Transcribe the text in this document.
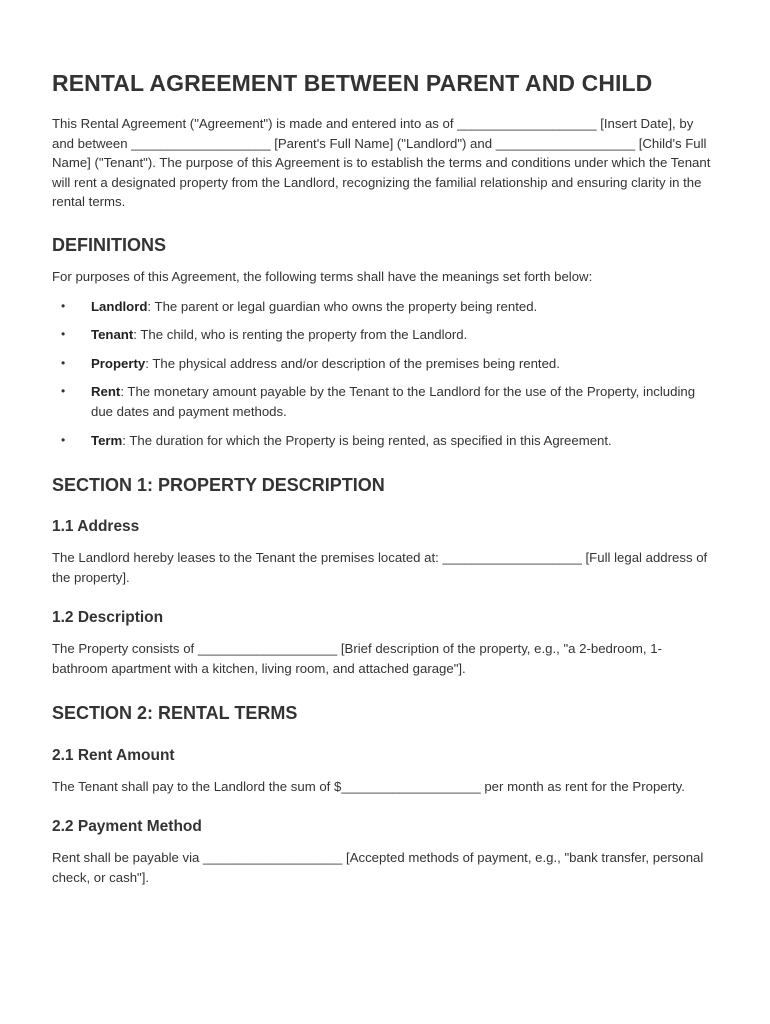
RENTAL AGREEMENT BETWEEN PARENT AND CHILD

This Rental Agreement ("Agreement") is made and entered into as of ___________________ [Insert Date], by and between ___________________ [Parent's Full Name] ("Landlord") and ___________________ [Child's Full Name] ("Tenant"). The purpose of this Agreement is to establish the terms and conditions under which the Tenant will rent a designated property from the Landlord, recognizing the familial relationship and ensuring clarity in the rental terms.

DEFINITIONS

For purposes of this Agreement, the following terms shall have the meanings set forth below:

• Landlord: The parent or legal guardian who owns the property being rented.
• Tenant: The child, who is renting the property from the Landlord.
• Property: The physical address and/or description of the premises being rented.
• Rent: The monetary amount payable by the Tenant to the Landlord for the use of the Property, including due dates and payment methods.
• Term: The duration for which the Property is being rented, as specified in this Agreement.
SECTION 1: PROPERTY DESCRIPTION
1.1 Address

The Landlord hereby leases to the Tenant the premises located at: ___________________ [Full legal address of the property].

1.2 Description

The Property consists of ___________________ [Brief description of the property, e.g., "a 2-bedroom, 1-bathroom apartment with a kitchen, living room, and attached garage"].

SECTION 2: RENTAL TERMS
2.1 Rent Amount

The Tenant shall pay to the Landlord the sum of $___________________ per month as rent for the Property.

2.2 Payment Method

Rent shall be payable via ___________________ [Accepted methods of payment, e.g., "bank transfer, personal check, or cash"].
